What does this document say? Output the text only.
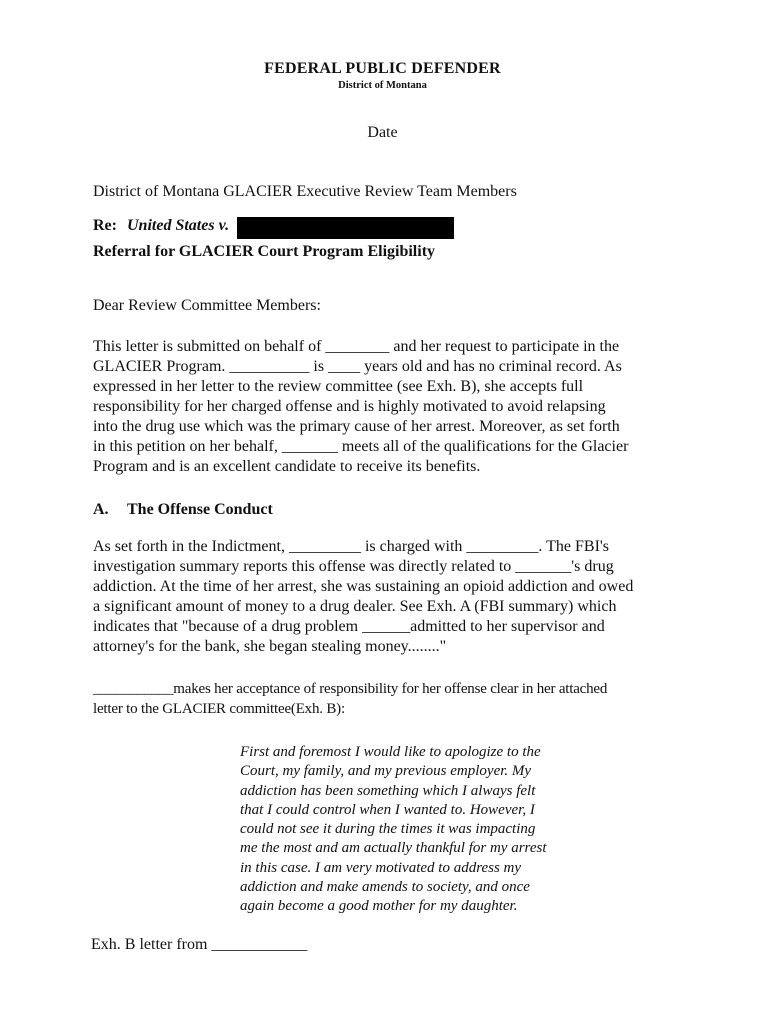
FEDERAL PUBLIC DEFENDER
District of Montana
Date
District of Montana GLACIER Executive Review Team Members
Re: United States v.
Referral for GLACIER Court Program Eligibility
Dear Review Committee Members:
This letter is submitted on behalf of ________ and her request to participate in the
GLACIER Program. __________ is ____ years old and has no criminal record. As
expressed in her letter to the review committee (see Exh. B), she accepts full
responsibility for her charged offense and is highly motivated to avoid relapsing
into the drug use which was the primary cause of her arrest. Moreover, as set forth
in this petition on her behalf, _______ meets all of the qualifications for the Glacier
Program and is an excellent candidate to receive its benefits.
A. The Offense Conduct
As set forth in the Indictment, _________ is charged with _________. The FBI's
investigation summary reports this offense was directly related to _______'s drug
addiction. At the time of her arrest, she was sustaining an opioid addiction and owed
a significant amount of money to a drug dealer. See Exh. A (FBI summary) which
indicates that "because of a drug problem ______admitted to her supervisor and
attorney's for the bank, she began stealing money........"
___________makes her acceptance of responsibility for her offense clear in her attached
letter to the GLACIER committee(Exh. B):
First and foremost I would like to apologize to the
Court, my family, and my previous employer. My
addiction has been something which I always felt
that I could control when I wanted to. However, I
could not see it during the times it was impacting
me the most and am actually thankful for my arrest
in this case. I am very motivated to address my
addiction and make amends to society, and once
again become a good mother for my daughter.
Exh. B letter from ____________
